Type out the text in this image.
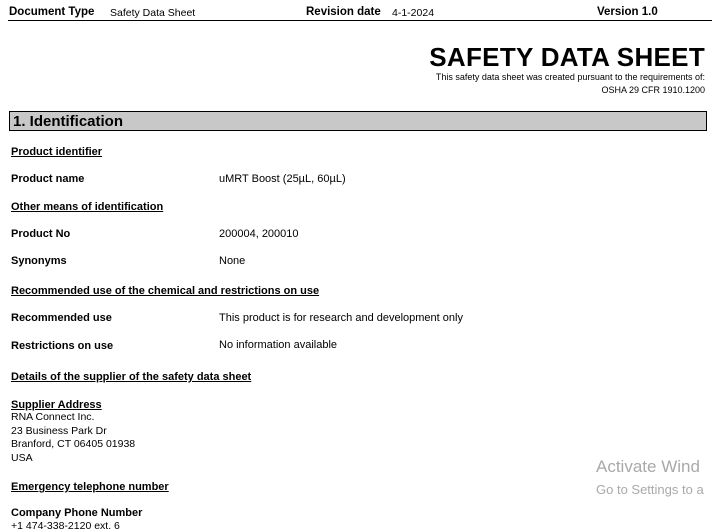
Document Type Safety Data Sheet	Revision date 4-1-2024	Version 1.0
SAFETY DATA SHEET
This safety data sheet was created pursuant to the requirements of:
OSHA 29 CFR 1910.1200
1. Identification
Product identifier
Product name	uMRT Boost (25µL, 60µL)
Other means of identification
Product No	200004, 200010
Synonyms	None
Recommended use of the chemical and restrictions on use
Recommended use	This product is for research and development only
Restrictions on use	No information available
Details of the supplier of the safety data sheet
Supplier Address
RNA Connect Inc.
23 Business Park Dr
Branford, CT 06405 01938
USA
Emergency telephone number
Company Phone Number
+1 474-338-2120 ext. 6
Activate Wind
Go to Settings to a
